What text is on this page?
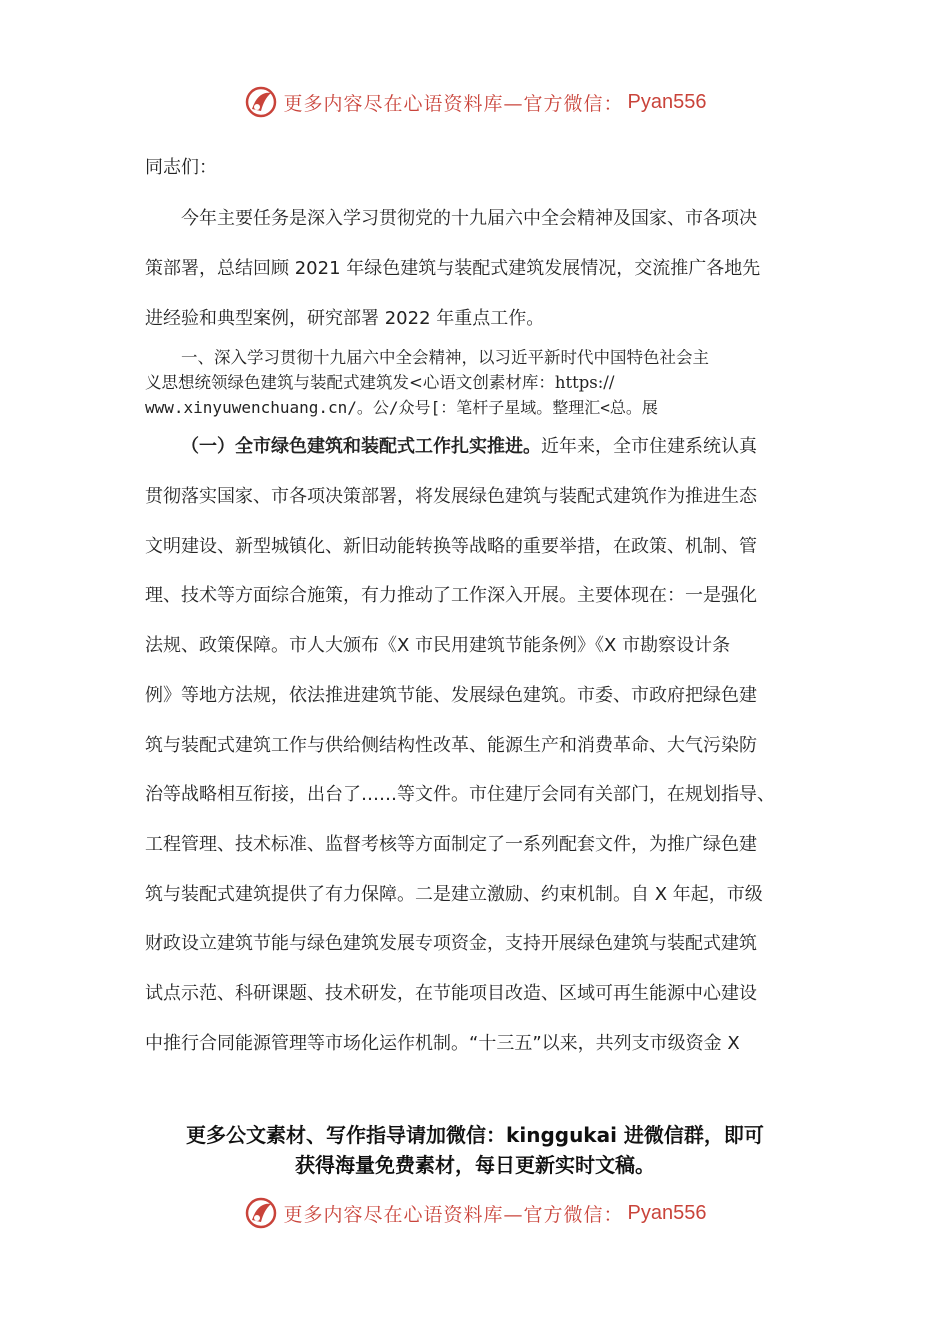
更多内容尽在心语资料库—官方微信： Pyan556
同志们：
今年主要任务是深入学习贯彻党的十九届六中全会精神及国家、市各项决
策部署，总结回顾 2021 年绿色建筑与装配式建筑发展情况，交流推广各地先
进经验和典型案例，研究部署 2022 年重点工作。
一、深入学习贯彻十九届六中全会精神，以习近平新时代中国特色社会主
义思想统领绿色建筑与装配式建筑发<心语文创素材库：https://
www.xinyuwenchuang.cn/。公/众号[：笔杆子星域。整理汇<总。展
（一）全市绿色建筑和装配式工作扎实推进。近年来，全市住建系统认真
贯彻落实国家、市各项决策部署，将发展绿色建筑与装配式建筑作为推进生态
文明建设、新型城镇化、新旧动能转换等战略的重要举措，在政策、机制、管
理、技术等方面综合施策，有力推动了工作深入开展。主要体现在：一是强化
法规、政策保障。市人大颁布《X 市民用建筑节能条例》《X 市勘察设计条
例》等地方法规，依法推进建筑节能、发展绿色建筑。市委、市政府把绿色建
筑与装配式建筑工作与供给侧结构性改革、能源生产和消费革命、大气污染防
治等战略相互衔接，出台了……等文件。市住建厅会同有关部门，在规划指导、
工程管理、技术标准、监督考核等方面制定了一系列配套文件，为推广绿色建
筑与装配式建筑提供了有力保障。二是建立激励、约束机制。自 X 年起，市级
财政设立建筑节能与绿色建筑发展专项资金，支持开展绿色建筑与装配式建筑
试点示范、科研课题、技术研发，在节能项目改造、区域可再生能源中心建设
中推行合同能源管理等市场化运作机制。“十三五”以来，共列支市级资金 X
更多公文素材、写作指导请加微信：kinggukai 进微信群，即可
获得海量免费素材，每日更新实时文稿。
更多内容尽在心语资料库—官方微信： Pyan556
